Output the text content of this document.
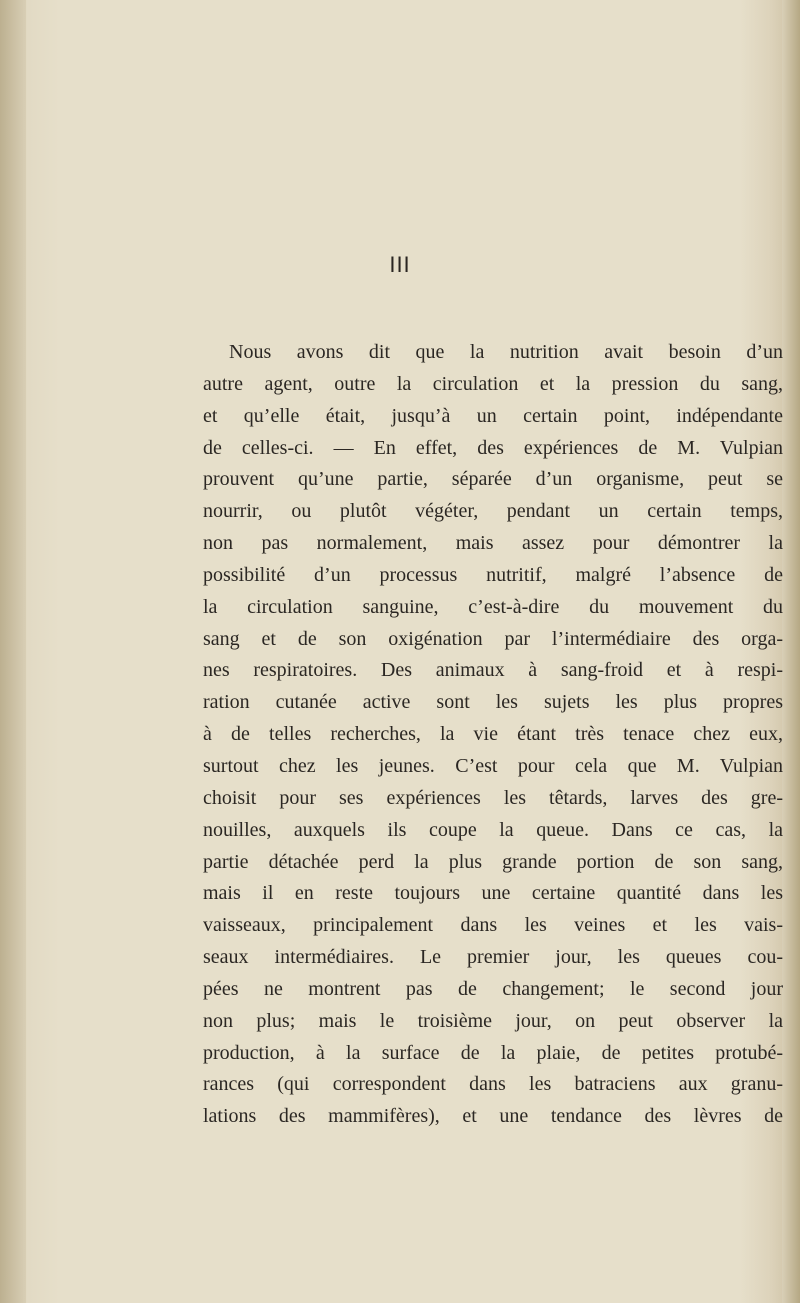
III
Nous avons dit que la nutrition avait besoin d’un
autre agent, outre la circulation et la pression du sang,
et qu’elle était, jusqu’à un certain point, indépendante
de celles-ci. — En effet, des expériences de M. Vulpian
prouvent qu’une partie, séparée d’un organisme, peut se
nourrir, ou plutôt végéter, pendant un certain temps,
non pas normalement, mais assez pour démontrer la
possibilité d’un processus nutritif, malgré l’absence de
la circulation sanguine, c’est-à-dire du mouvement du
sang et de son oxigénation par l’intermédiaire des orga-
nes respiratoires. Des animaux à sang-froid et à respi-
ration cutanée active sont les sujets les plus propres
à de telles recherches, la vie étant très tenace chez eux,
surtout chez les jeunes. C’est pour cela que M. Vulpian
choisit pour ses expériences les têtards, larves des gre-
nouilles, auxquels ils coupe la queue. Dans ce cas, la
partie détachée perd la plus grande portion de son sang,
mais il en reste toujours une certaine quantité dans les
vaisseaux, principalement dans les veines et les vais-
seaux intermédiaires. Le premier jour, les queues cou-
pées ne montrent pas de changement; le second jour
non plus; mais le troisième jour, on peut observer la
production, à la surface de la plaie, de petites protubé-
rances (qui correspondent dans les batraciens aux granu-
lations des mammifères), et une tendance des lèvres de
